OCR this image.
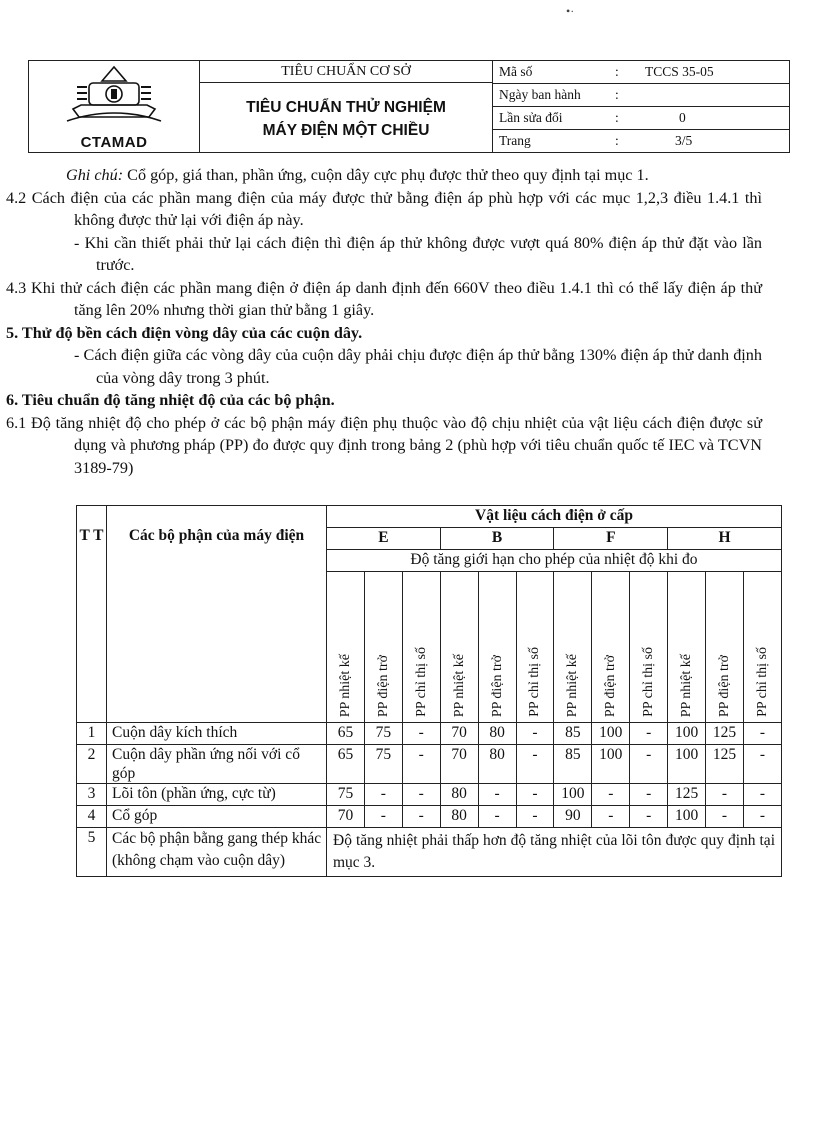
CTAMAD

TIÊU CHUẨN CƠ SỞ
TIÊU CHUẨN THỬ NGHIỆM
MÁY ĐIỆN MỘT CHIỀU

Mã số	:	TCCS 35-05
Ngày ban hành	:	
Lần sửa đổi	:	0
Trang	:	3/5

Ghi chú: Cổ góp, giá than, phần ứng, cuộn dây cực phụ được thử theo quy định tại mục 1.

4.2 Cách điện của các phần mang điện của máy được thử bằng điện áp phù hợp với các mục 1,2,3 điều 1.4.1 thì không được thử lại với điện áp này.

- Khi cần thiết phải thử lại cách điện thì điện áp thử không được vượt quá 80% điện áp thử đặt vào lần trước.

4.3 Khi thử cách điện các phần mang điện ở điện áp danh định đến 660V theo điều 1.4.1 thì có thể lấy điện áp thử tăng lên 20% nhưng thời gian thử bằng 1 giây.

5. Thử độ bền cách điện vòng dây của các cuộn dây.

- Cách điện giữa các vòng dây của cuộn dây phải chịu được điện áp thử bằng 130% điện áp thử danh định của vòng dây trong 3 phút.

6. Tiêu chuẩn độ tăng nhiệt độ của các bộ phận.

6.1 Độ tăng nhiệt độ cho phép ở các bộ phận máy điện phụ thuộc vào độ chịu nhiệt của vật liệu cách điện được sử dụng và phương pháp (PP) đo được quy định trong bảng 2 (phù hợp với tiêu chuẩn quốc tế IEC và TCVN 3189-79)

T T	Các bộ phận của máy điện	Vật liệu cách điện ở cấp											
		E			B			F			H		
		Độ tăng giới hạn cho phép của nhiệt độ khi đo											
		PP nhiệt kế	PP điện trở	PP chỉ thị số	PP nhiệt kế	PP điện trở	PP chỉ thị số	PP nhiệt kế	PP điện trở	PP chỉ thị số	PP nhiệt kế	PP điện trở	PP chỉ thị số
1	Cuộn dây kích thích	65	75	-	70	80	-	85	100	-	100	125	-
2	Cuộn dây phần ứng nối với cổ góp	65	75	-	70	80	-	85	100	-	100	125	-
3	Lõi tôn (phần ứng, cực từ)	75	-	-	80	-	-	100	-	-	125	-	-
4	Cổ góp	70	-	-	80	-	-	90	-	-	100	-	-
5	Các bộ phận bằng gang thép khác (không chạm vào cuộn dây)	Độ tăng nhiệt phải thấp hơn độ tăng nhiệt của lõi tôn được quy định tại mục 3.											
•·
